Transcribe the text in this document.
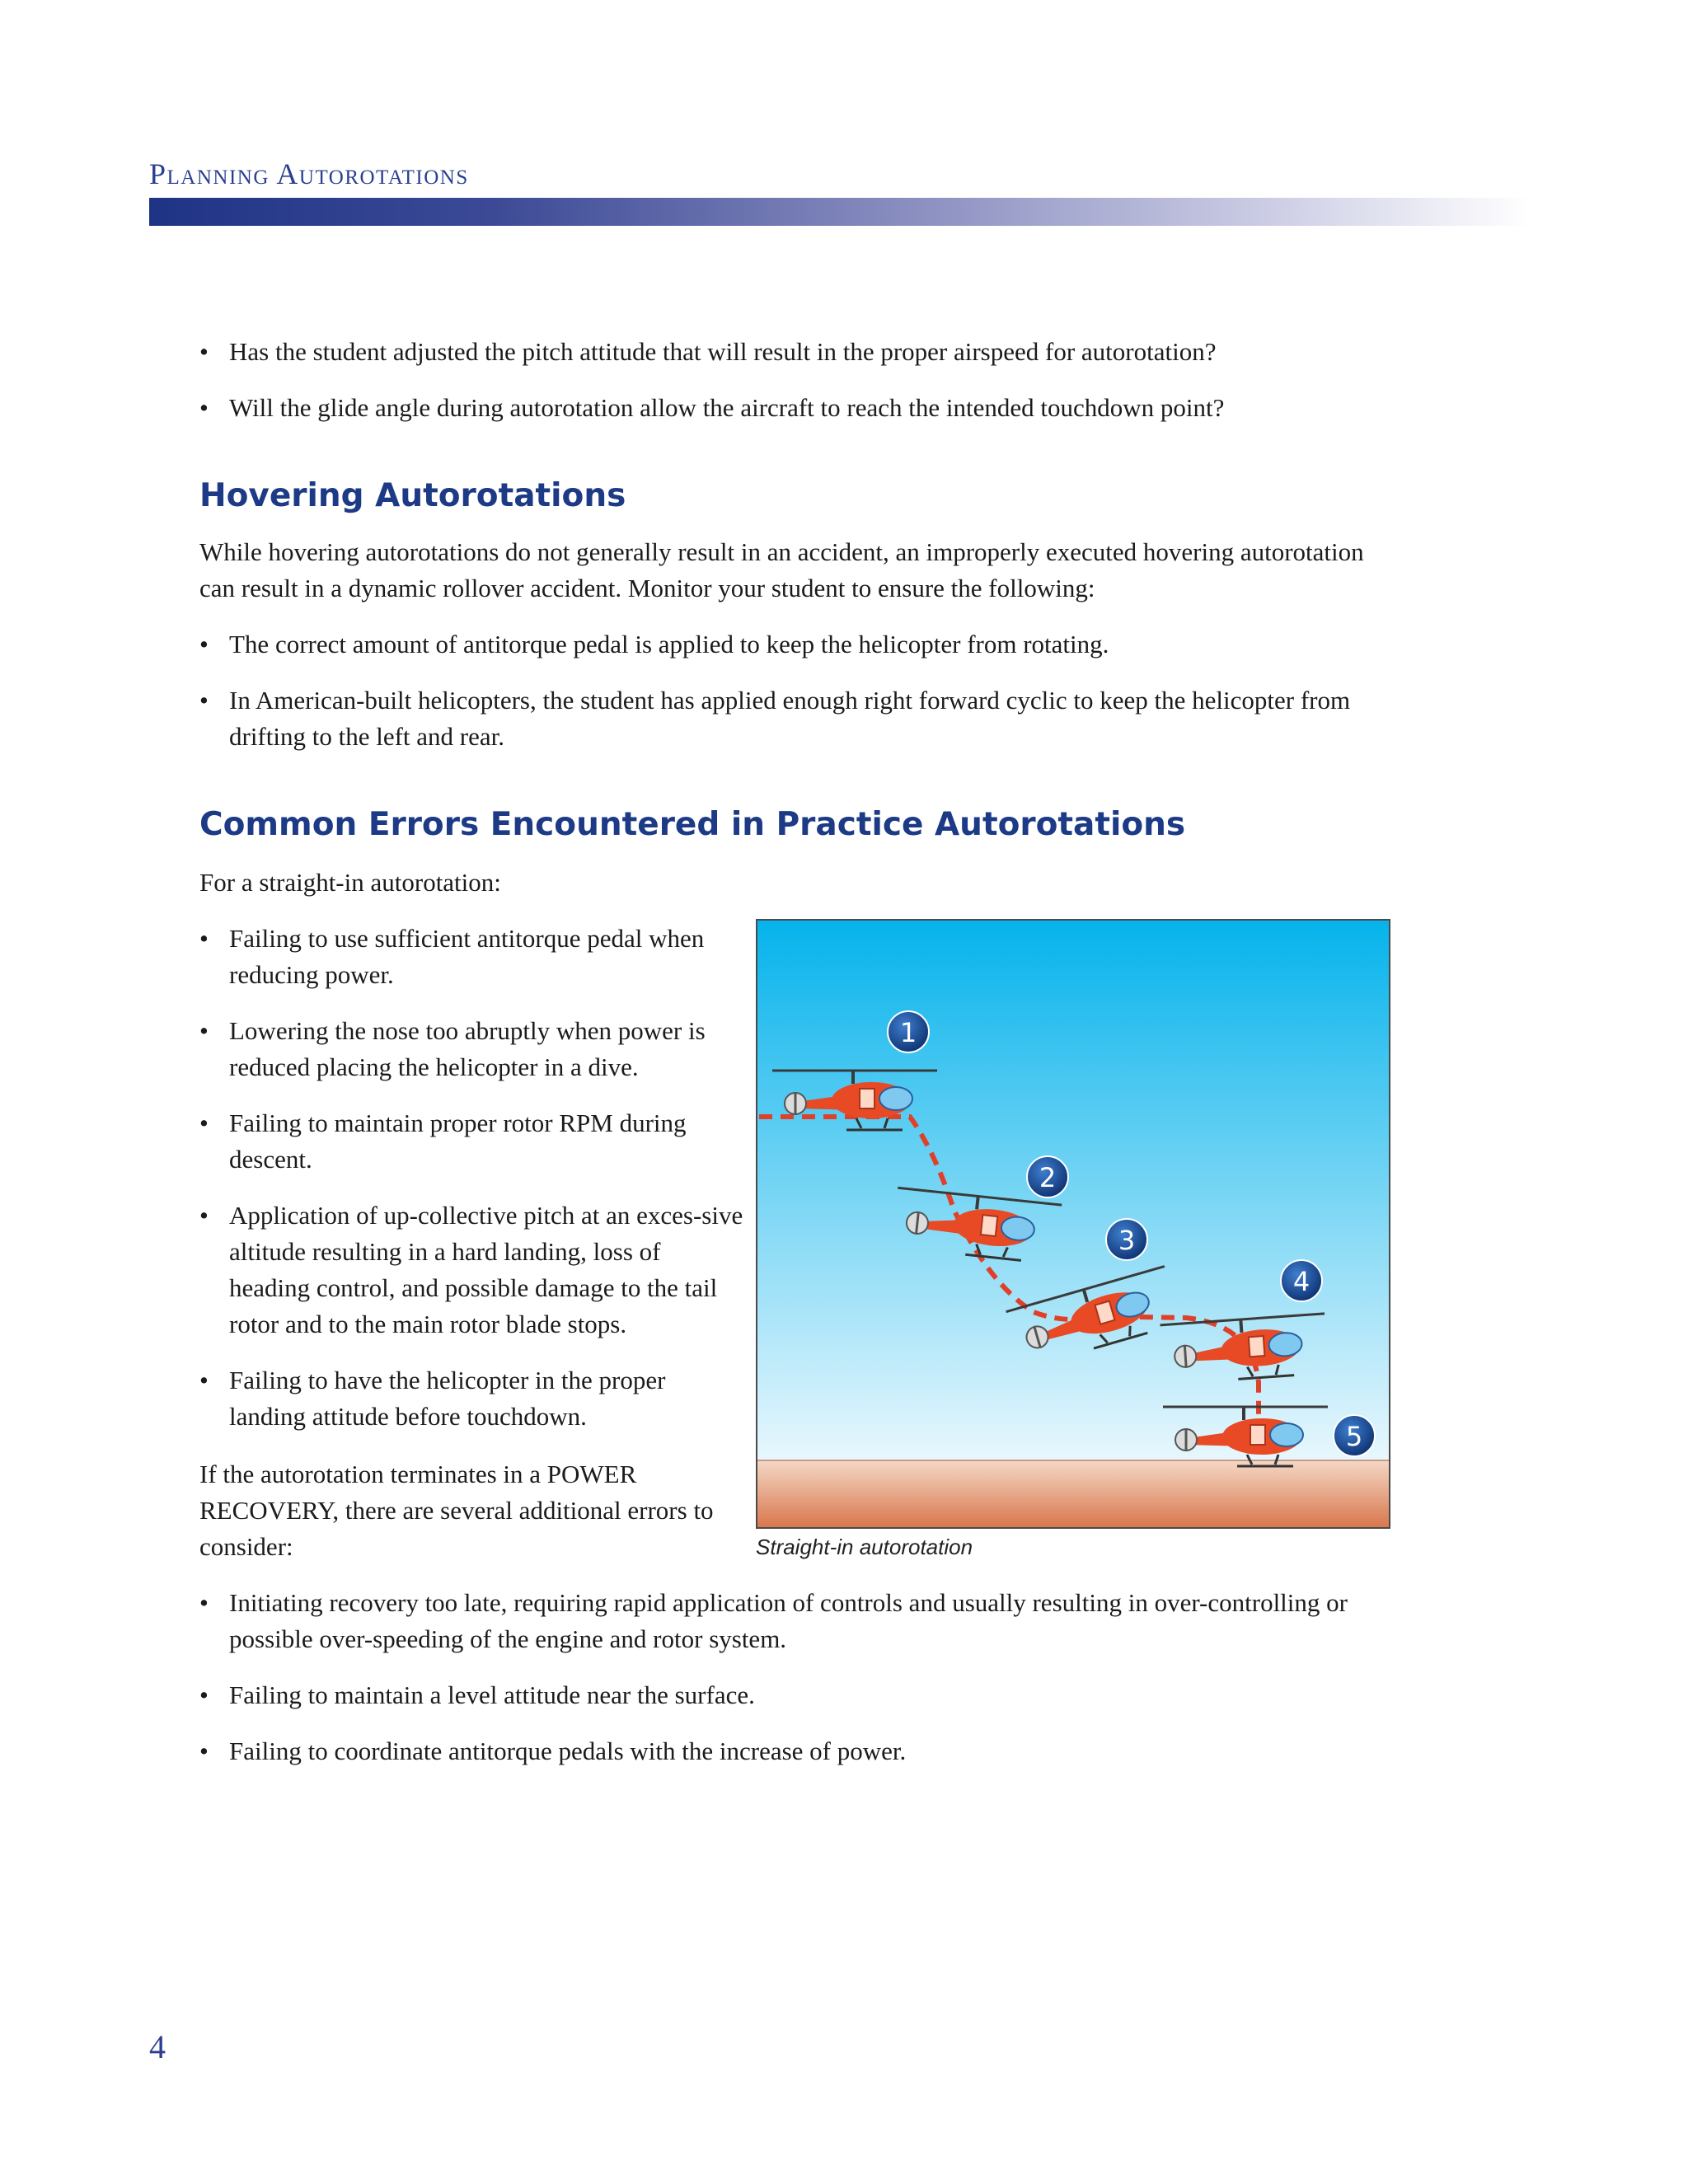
Planning Autorotations
• Has the student adjusted the pitch attitude that will result in the proper airspeed for autorotation?
• Will the glide angle during autorotation allow the aircraft to reach the intended touchdown point?
Hovering Autorotations

While hovering autorotations do not generally result in an accident, an improperly executed hovering autorotation can result in a dynamic rollover accident. Monitor your student to ensure the following:

• The correct amount of antitorque pedal is applied to keep the helicopter from rotating.
• In American-built helicopters, the student has applied enough right forward cyclic to keep the helicopter from drifting to the left and rear.
Common Errors Encountered in Practice Autorotations

For a straight-in autorotation:

• Failing to use sufficient antitorque pedal when reducing power.
• Lowering the nose too abruptly when power is reduced placing the helicopter in a dive.
• Failing to maintain proper rotor RPM during descent.
• Application of up-collective pitch at an exces-sive altitude resulting in a hard landing, loss of heading control, and possible damage to the tail rotor and to the main rotor blade stops.
• Failing to have the helicopter in the proper landing attitude before touchdown.

If the autorotation terminates in a POWER RECOVERY, there are several additional errors to consider:

• Initiating recovery too late, requiring rapid application of controls and usually resulting in over-controlling or possible over-speeding of the engine and rotor system.
• Failing to maintain a level attitude near the surface.
• Failing to coordinate antitorque pedals with the increase of power.
1
2
3
4
5
Straight-in autorotation
4
